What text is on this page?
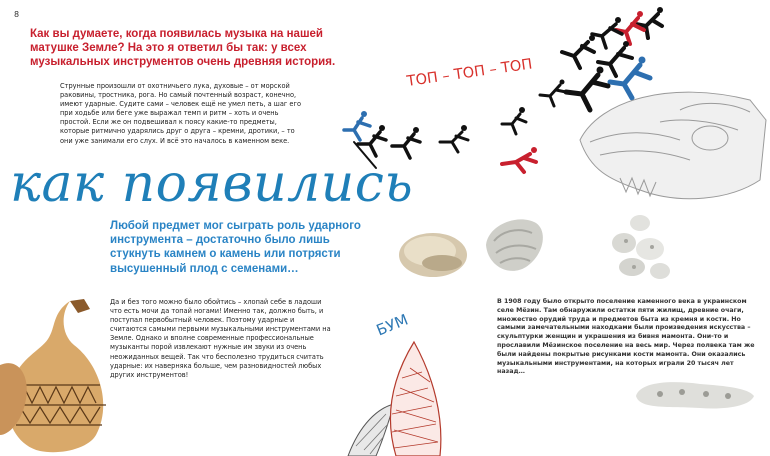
8
Как вы думаете, когда появилась музыка на нашей матушке Земле? На это я ответил бы так: у всех музыкальных инструментов очень древняя история.
Струнные произошли от охотничьего лука, духовые – от морской раковины, тростника, рога. Но самый почтенный возраст, конечно, имеют ударные. Судите сами – человек ещё не умел петь, а шаг его при ходьбе или беге уже выражал темп и ритм – хоть и очень простой. Если же он подвешивал к поясу какие-то предметы, которые ритмично ударялись друг о друга – кремни, дротики, – то они уже занимали его слух. И всё это началось в каменном веке.
ТОП – ТОП – ТОП
как появились
Любой предмет мог сыграть роль ударного инструмента – достаточно было лишь стукнуть камнем о камень или потрясти высушенный плод с семенами…
Да и без того можно было обойтись – хлопай себе в ладоши что есть мочи да топай ногами! Именно так, должно быть, и поступал первобытный человек. Поэтому ударные и считаются самыми первыми музыкальными инструментами на Земле. Однако и вполне современные профессиональные музыканты порой извлекают нужные им звуки из очень неожиданных вещей. Так что бесполезно трудиться считать ударные: их наверняка больше, чем разновидностей любых других инструментов!
БУМ
В 1908 году было открыто поселение каменного века в украинском селе Мёзин. Там обнаружили остатки пяти жилищ, древние очаги, множество орудий труда и предметов быта из кремня и кости. Но самыми замечательными находками были произведения искусства – скульптурки женщин и украшения из бивня мамонта. Они-то и прославили Мёзинское поселение на весь мир. Через полвека там же были найдены покрытые рисунками кости мамонта. Они оказались музыкальными инструментами, на которых играли 20 тысяч лет назад…
